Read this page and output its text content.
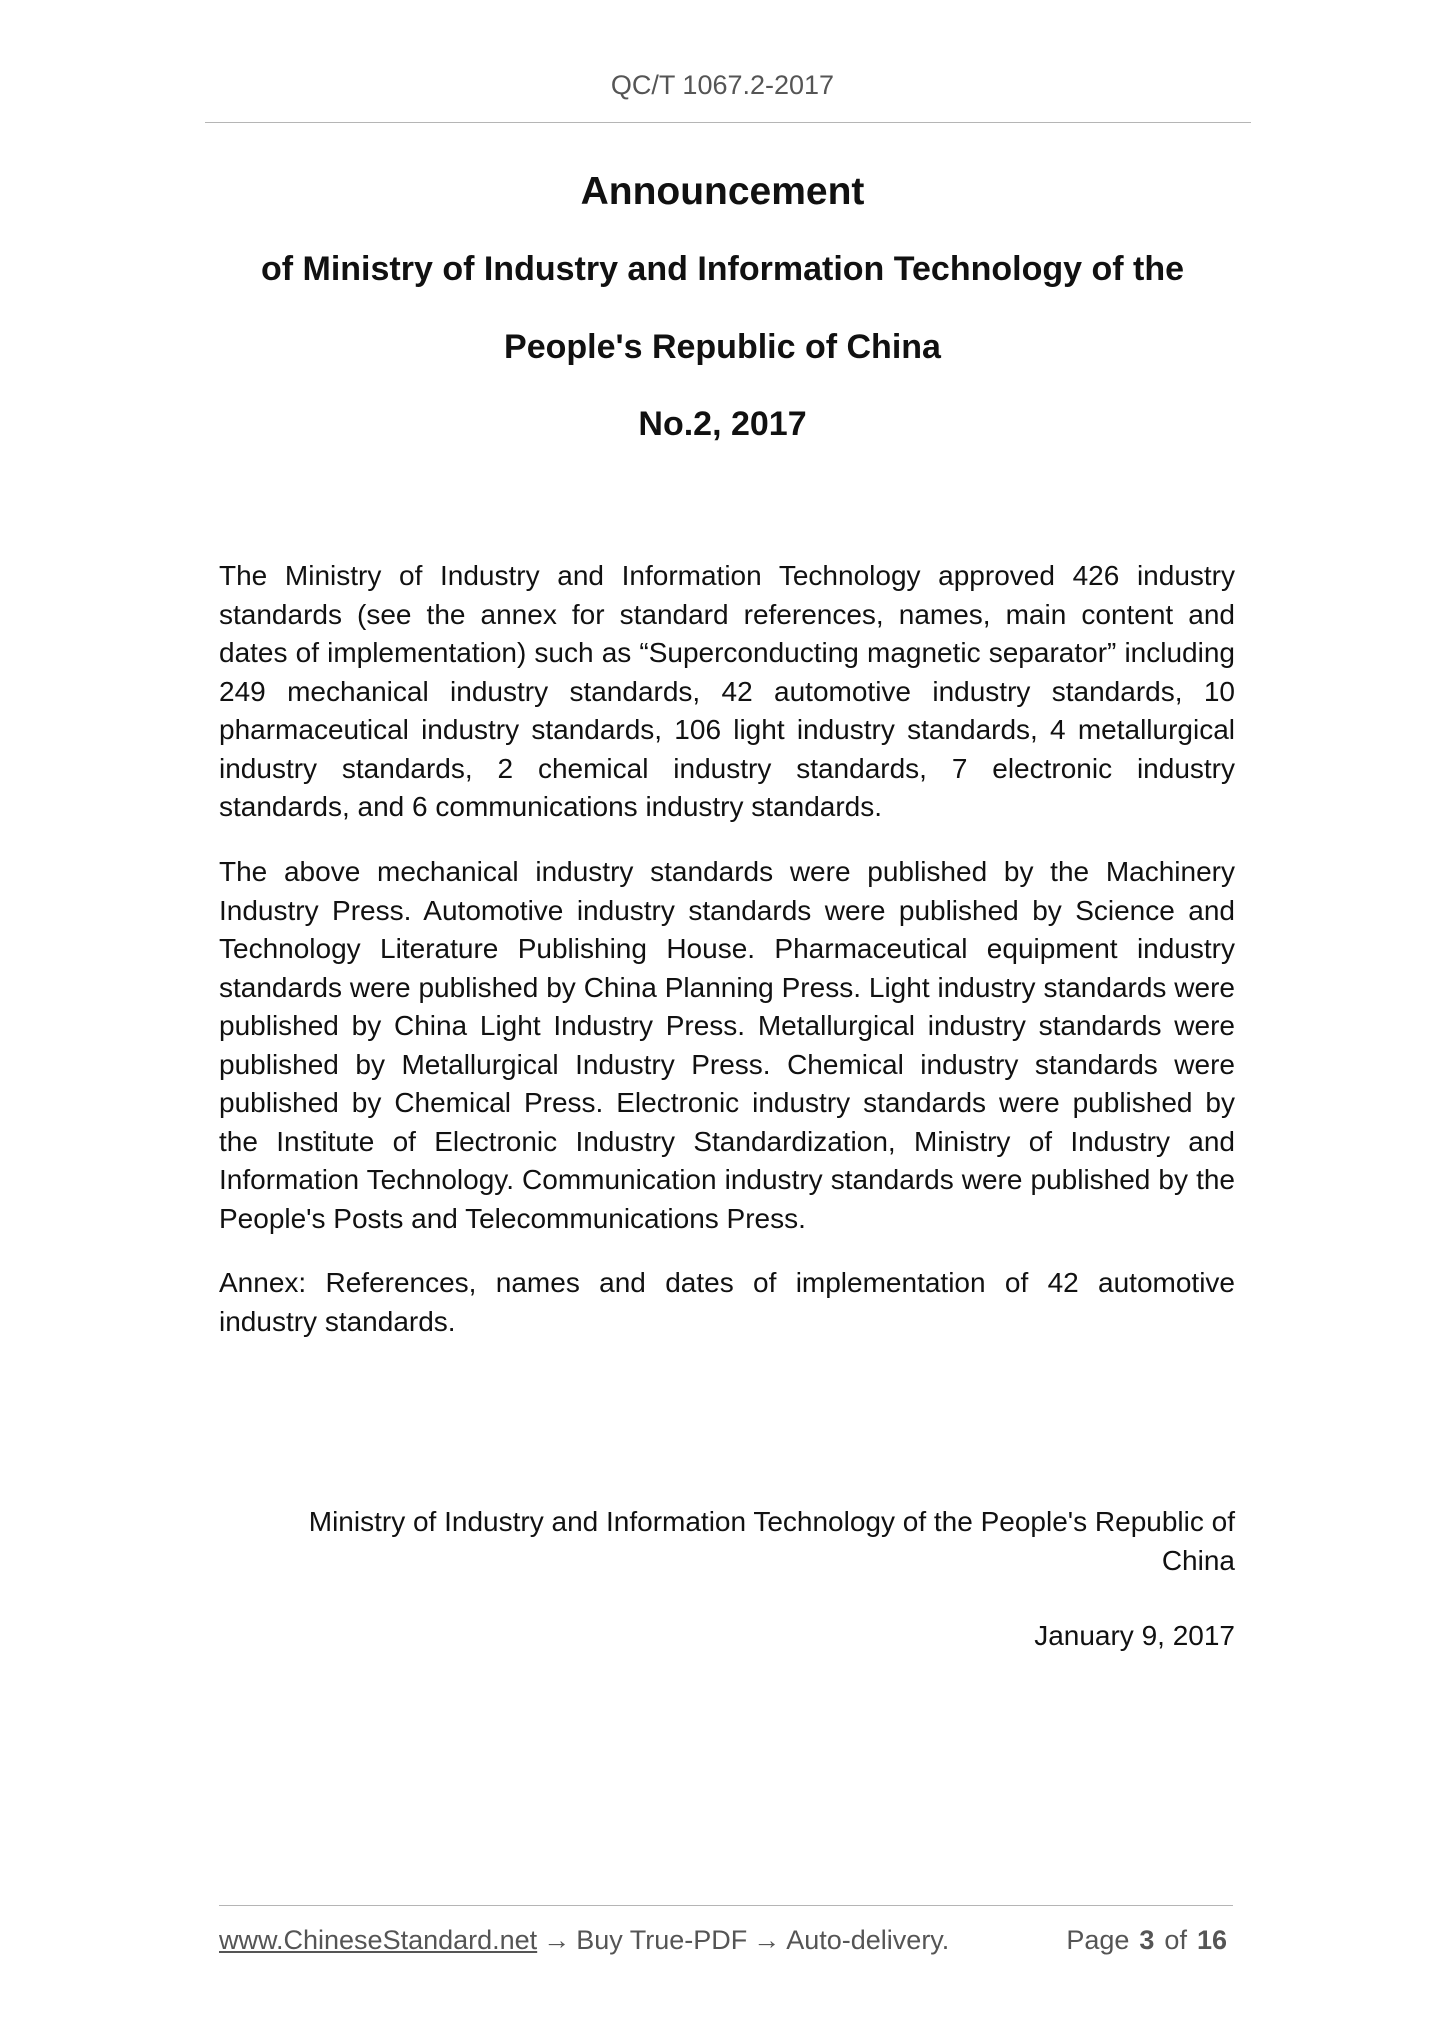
QC/T 1067.2-2017
Announcement
of Ministry of Industry and Information Technology of the
People's Republic of China
No.2, 2017
The Ministry of Industry and Information Technology approved 426 industry standards (see the annex for standard references, names, main content and dates of implementation) such as “Superconducting magnetic separator” including 249 mechanical industry standards, 42 automotive industry standards, 10 pharmaceutical industry standards, 106 light industry standards, 4 metallurgical industry standards, 2 chemical industry standards, 7 electronic industry standards, and 6 communications industry standards.
The above mechanical industry standards were published by the Machinery Industry Press. Automotive industry standards were published by Science and Technology Literature Publishing House. Pharmaceutical equipment industry standards were published by China Planning Press. Light industry standards were published by China Light Industry Press. Metallurgical industry standards were published by Metallurgical Industry Press. Chemical industry standards were published by Chemical Press. Electronic industry standards were published by the Institute of Electronic Industry Standardization, Ministry of Industry and Information Technology. Communication industry standards were published by the People's Posts and Telecommunications Press.
Annex: References, names and dates of implementation of 42 automotive industry standards.
Ministry of Industry and Information Technology of the People's Republic of
China
January 9, 2017
www.ChineseStandard.net → Buy True-PDF → Auto-delivery.	Page 3 of 16
